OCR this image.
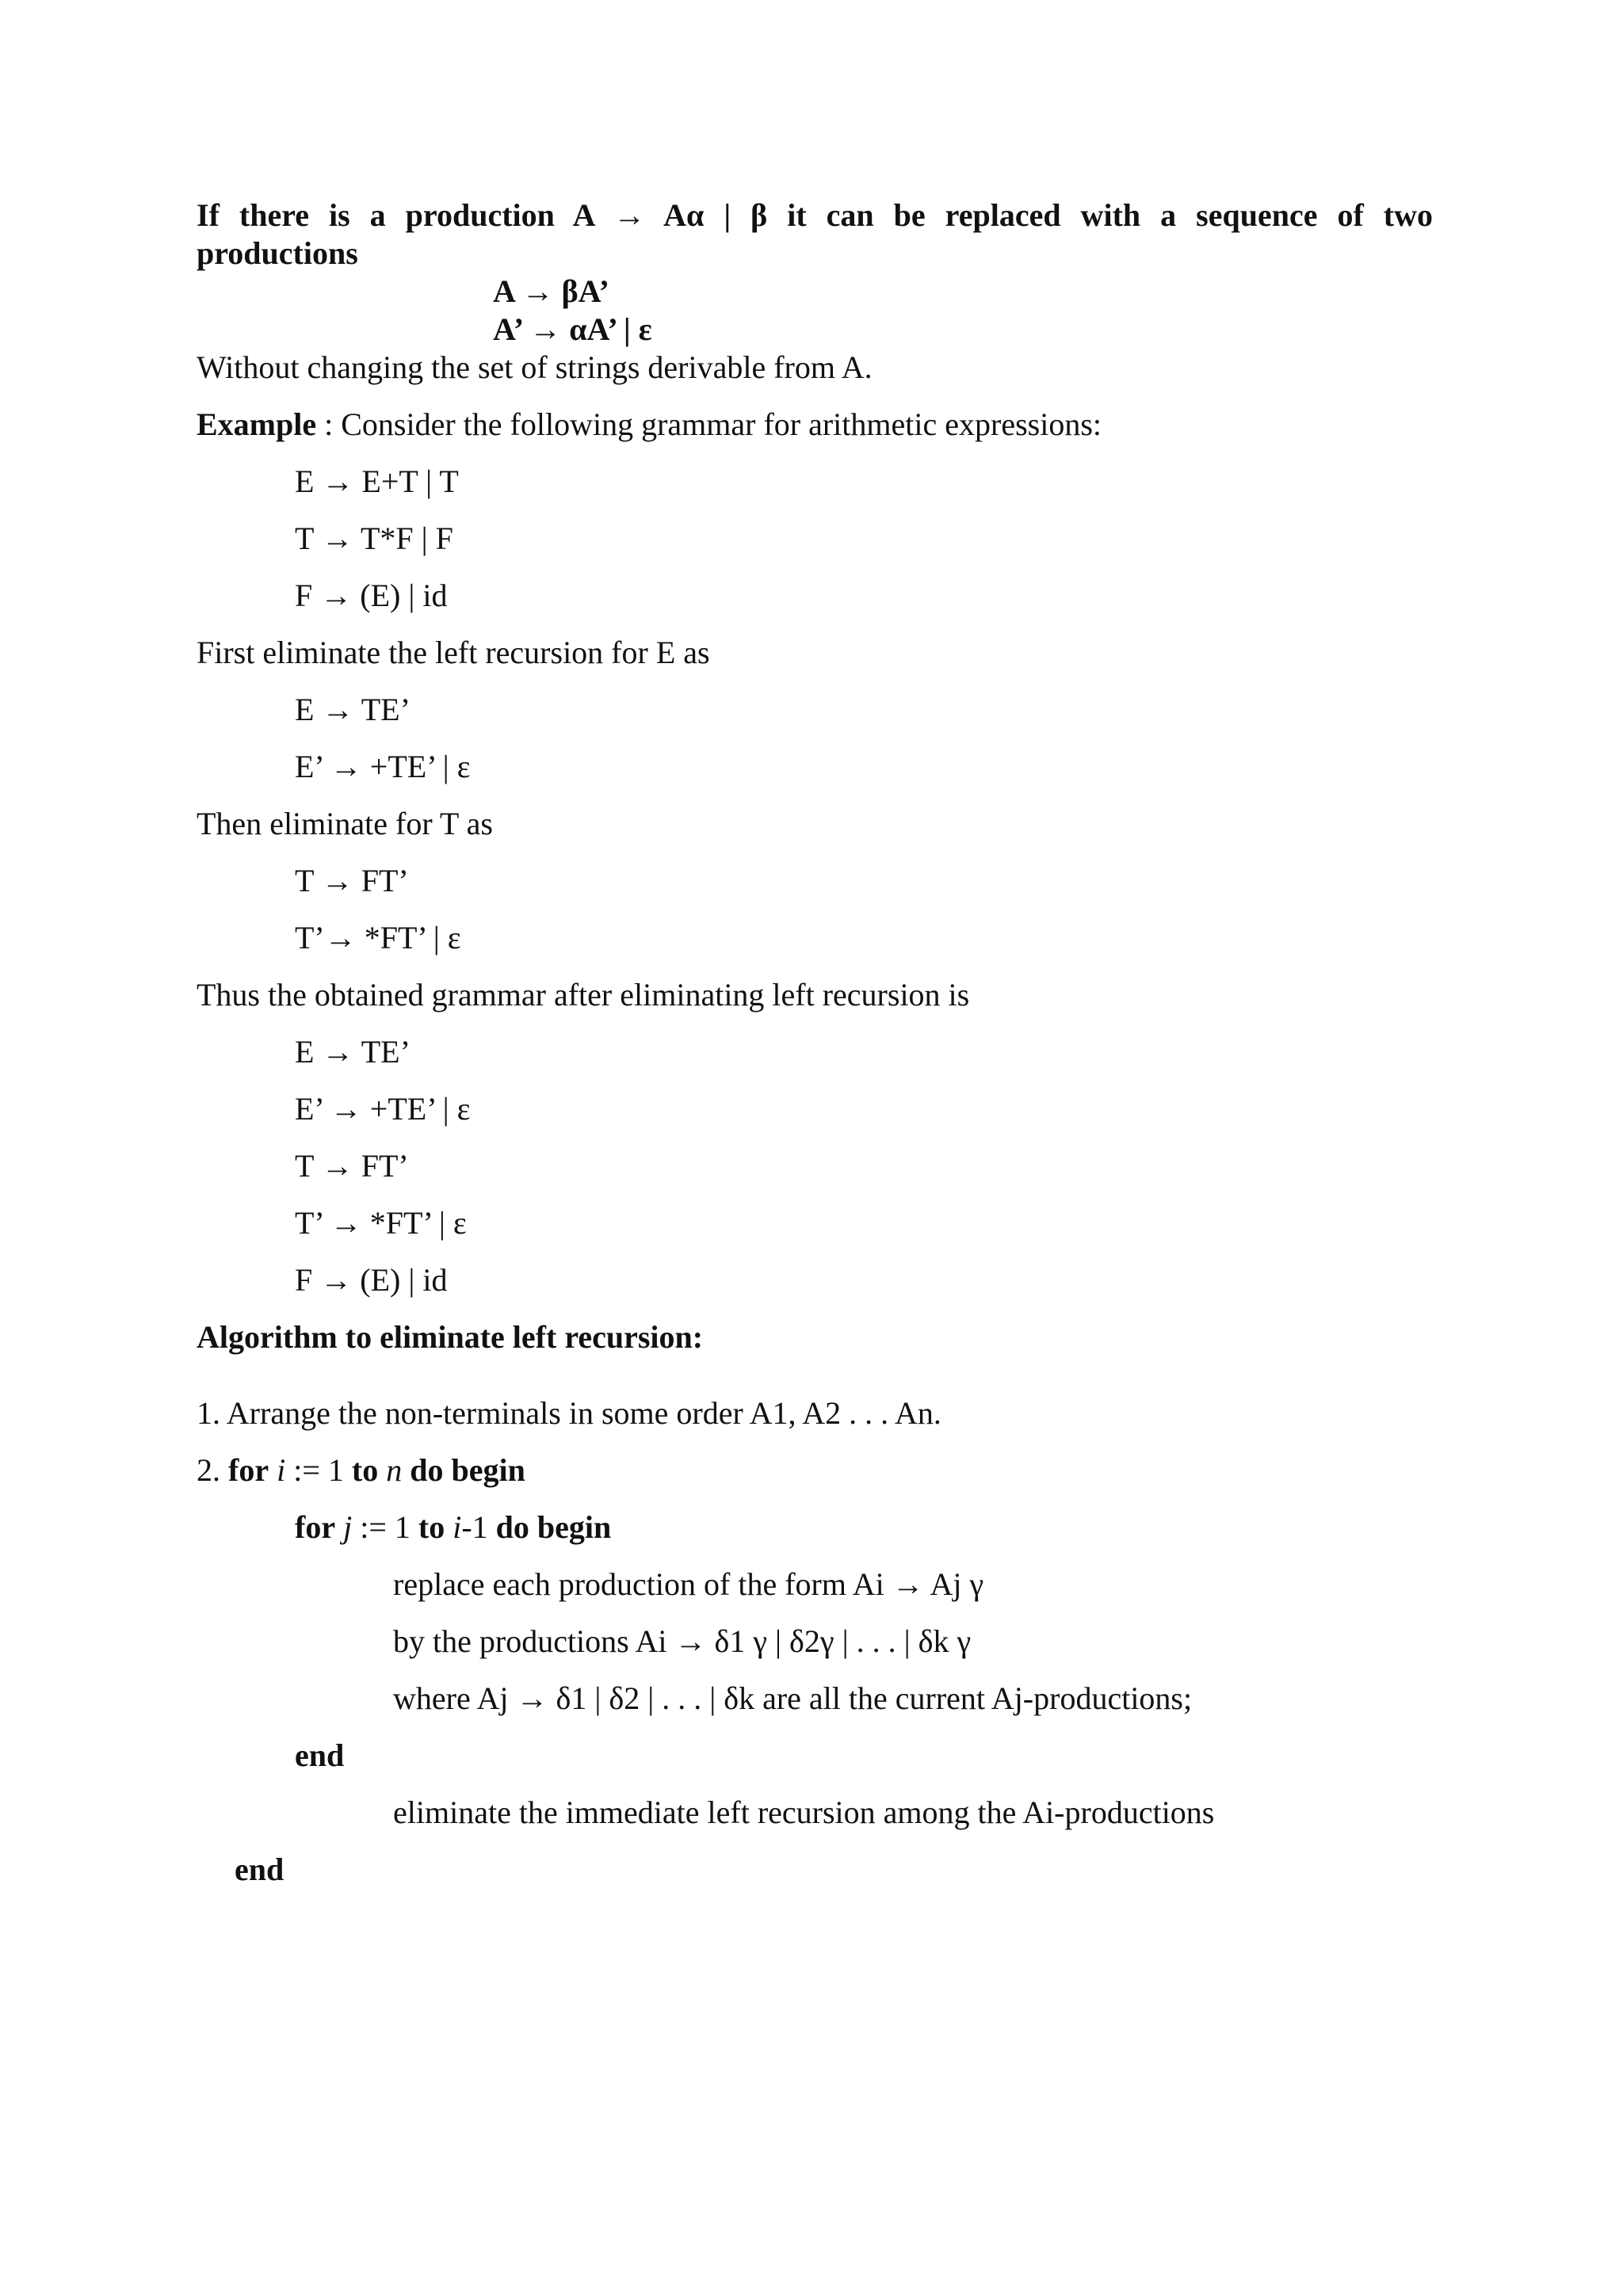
If there is a production A → Aα | β it can be replaced with a sequence of two
productions
A → βA’
A’ → αA’ | ε
Without changing the set of strings derivable from A.
Example : Consider the following grammar for arithmetic expressions:
E → E+T | T
T → T*F | F
F → (E) | id
First eliminate the left recursion for E as
E → TE’
E’ → +TE’ | ε
Then eliminate for T as
T → FT’
T’→ *FT’ | ε
Thus the obtained grammar after eliminating left recursion is
E → TE’
E’ → +TE’ | ε
T → FT’
T’ → *FT’ | ε
F → (E) | id
Algorithm to eliminate left recursion:
1. Arrange the non-terminals in some order A1, A2 . . . An.
2. for i := 1 to n do begin
for j := 1 to i-1 do begin
replace each production of the form Ai → Aj γ
by the productions Ai → δ1 γ | δ2γ | . . . | δk γ
where Aj → δ1 | δ2 | . . . | δk are all the current Aj-productions;
end
eliminate the immediate left recursion among the Ai-productions
end
